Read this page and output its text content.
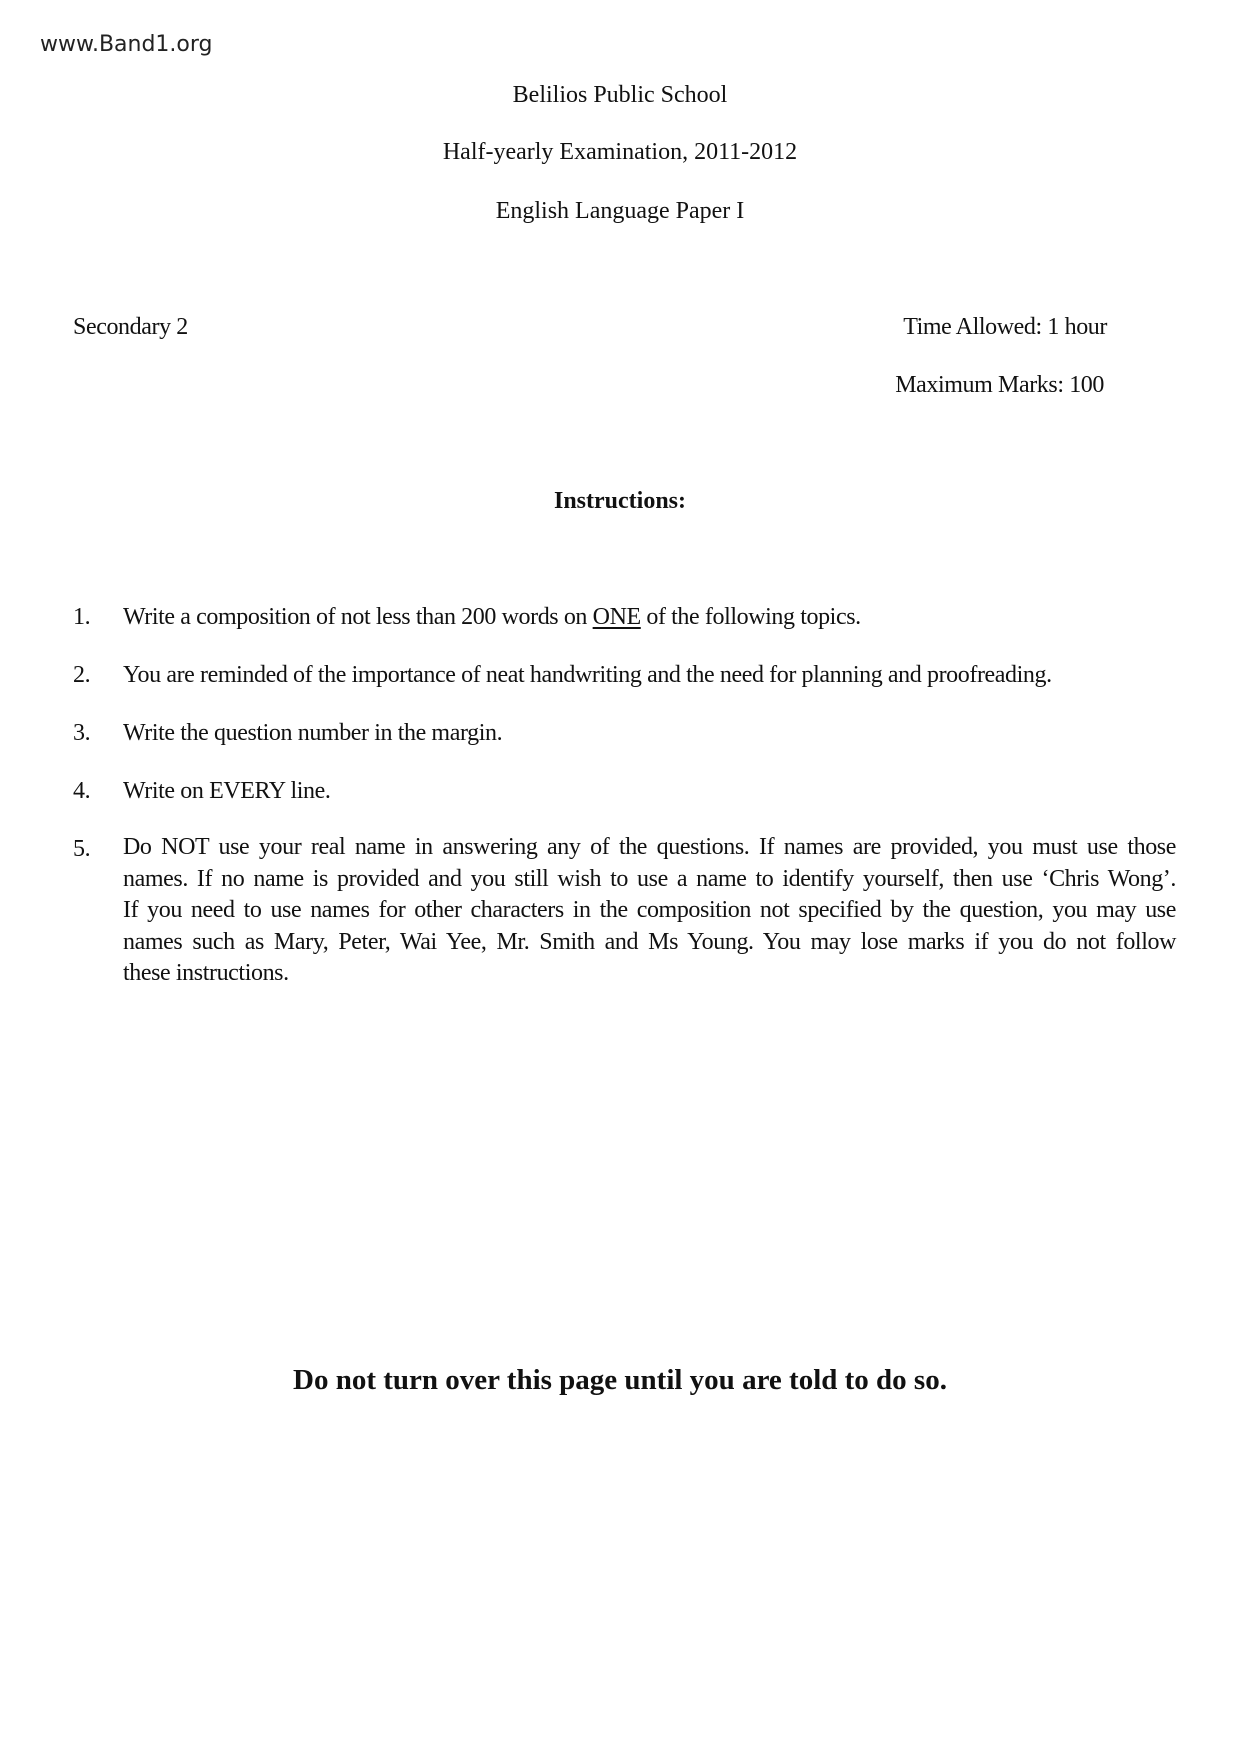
www.Band1.org
Belilios Public School
Half-yearly Examination, 2011-2012
English Language Paper I
Secondary 2	Time Allowed: 1 hour
Maximum Marks: 100
Instructions:
1. Write a composition of not less than 200 words on ONE of the following topics.
2. You are reminded of the importance of neat handwriting and the need for planning and proofreading.
3. Write the question number in the margin.
4. Write on EVERY line.
5. Do NOT use your real name in answering any of the questions. If names are provided, you must use those
names. If no name is provided and you still wish to use a name to identify yourself, then use ‘Chris Wong’.
If you need to use names for other characters in the composition not specified by the question, you may use
names such as Mary, Peter, Wai Yee, Mr. Smith and Ms Young. You may lose marks if you do not follow
these instructions.
Do not turn over this page until you are told to do so.
